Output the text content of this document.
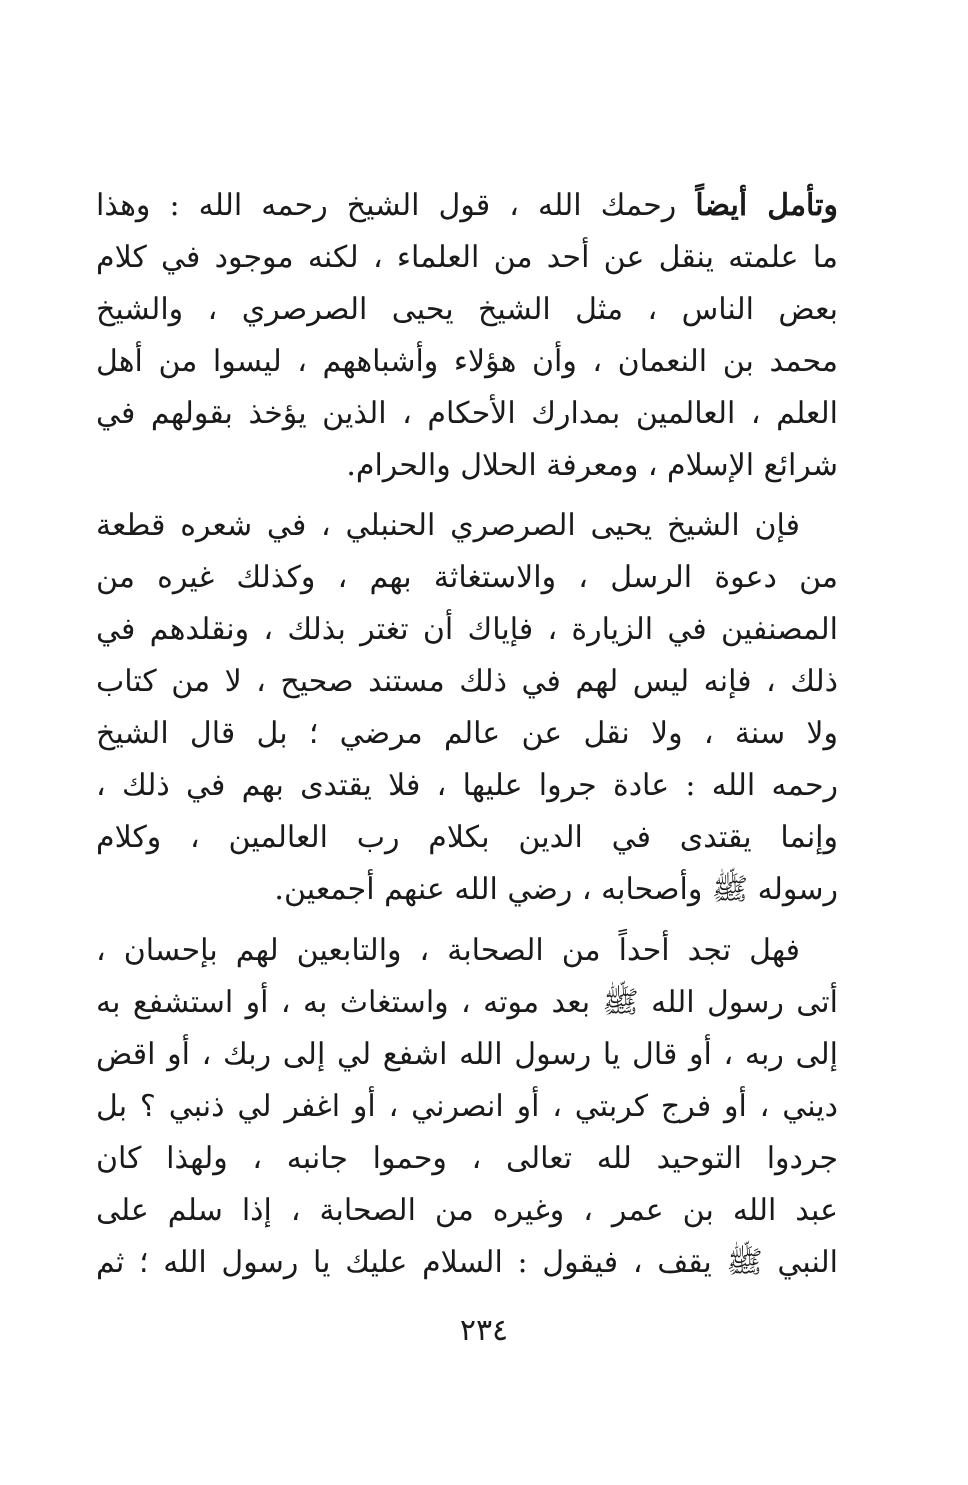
وتأمل أيضاً رحمك الله ، قول الشيخ رحمه الله : وهذا
ما علمته ينقل عن أحد من العلماء ، لكنه موجود في كلام
بعض الناس ، مثل الشيخ يحيى الصرصري ، والشيخ
محمد بن النعمان ، وأن هؤلاء وأشباههم ، ليسوا من أهل
العلم ، العالمين بمدارك الأحكام ، الذين يؤخذ بقولهم في
شرائع الإسلام ، ومعرفة الحلال والحرام.
فإن الشيخ يحيى الصرصري الحنبلي ، في شعره قطعة
من دعوة الرسل ، والاستغاثة بهم ، وكذلك غيره من
المصنفين في الزيارة ، فإياك أن تغتر بذلك ، ونقلدهم في
ذلك ، فإنه ليس لهم في ذلك مستند صحيح ، لا من كتاب
ولا سنة ، ولا نقل عن عالم مرضي ؛ بل قال الشيخ
رحمه الله : عادة جروا عليها ، فلا يقتدى بهم في ذلك ،
وإنما يقتدى في الدين بكلام رب العالمين ، وكلام
رسوله ﷺ وأصحابه ، رضي الله عنهم أجمعين.
فهل تجد أحداً من الصحابة ، والتابعين لهم بإحسان ،
أتى رسول الله ﷺ بعد موته ، واستغاث به ، أو استشفع به
إلى ربه ، أو قال يا رسول الله اشفع لي إلى ربك ، أو اقض
ديني ، أو فرج كربتي ، أو انصرني ، أو اغفر لي ذنبي ؟ بل
جردوا التوحيد لله تعالى ، وحموا جانبه ، ولهذا كان
عبد الله بن عمر ، وغيره من الصحابة ، إذا سلم على
النبي ﷺ يقف ، فيقول : السلام عليك يا رسول الله ؛ ثم
٢٣٤
